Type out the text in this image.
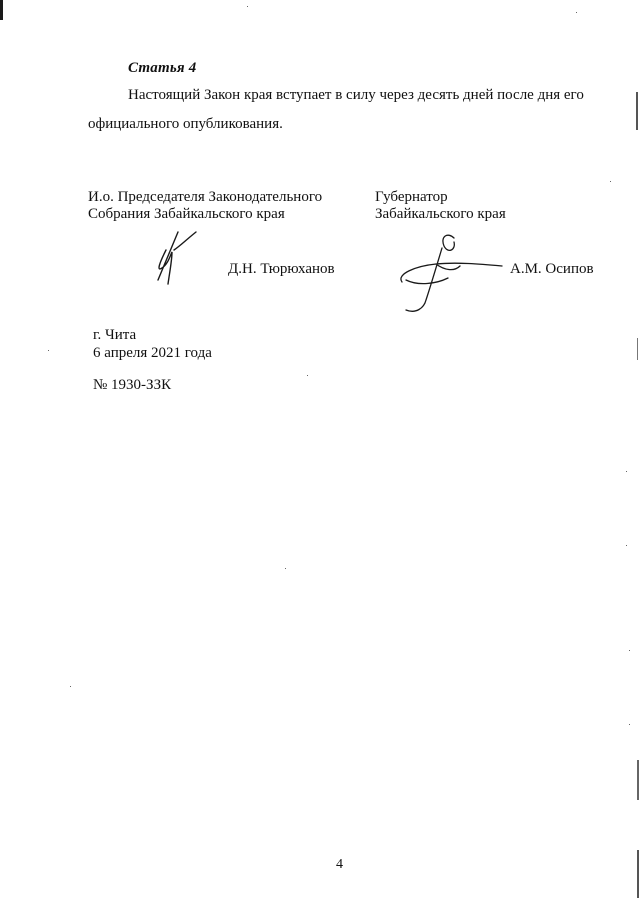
Статья 4
Настоящий Закон края вступает в силу через десять дней после дня его
официального опубликования.
И.о. Председателя Законодательного
Собрания Забайкальского края
Д.Н. Тюрюханов
Губернатор
Забайкальского края
А.М. Осипов
г. Чита
6 апреля 2021 года
№ 1930-ЗЗК
4
